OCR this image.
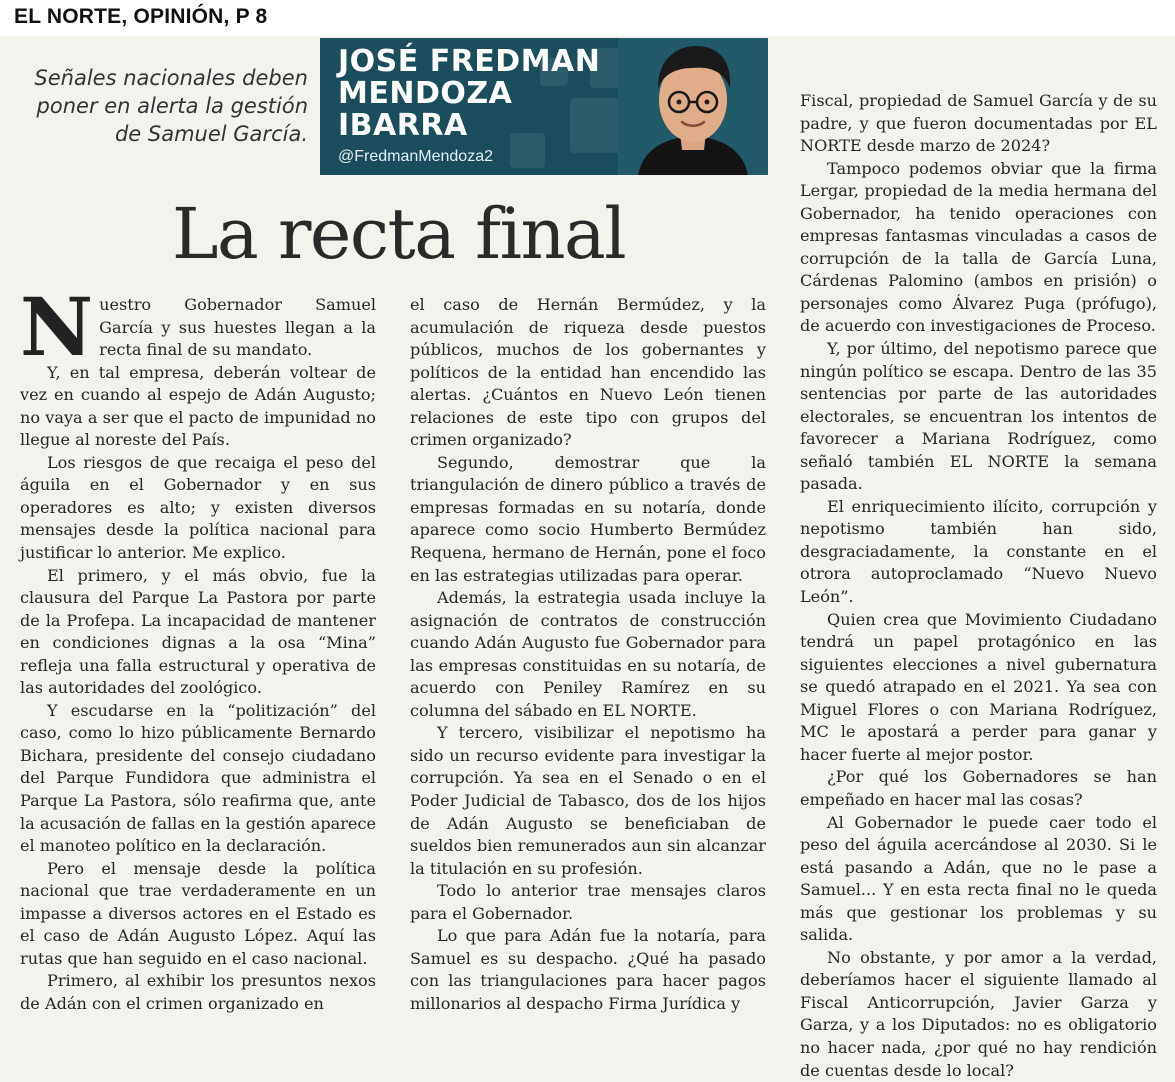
EL NORTE, OPINIÓN, P 8
Señales nacionales deben poner en alerta la gestión de Samuel García.
JOSÉ FREDMAN
MENDOZA
IBARRA
@FredmanMendoza2
La recta final

Nuestro Gobernador Samuel García y sus huestes llegan a la recta final de su mandato.

Y, en tal empresa, deberán voltear de vez en cuando al espejo de Adán Augusto; no vaya a ser que el pacto de impunidad no llegue al noreste del País.

Los riesgos de que recaiga el peso del águila en el Gobernador y en sus operadores es alto; y existen diversos mensajes desde la política nacional para justificar lo anterior. Me explico.

El primero, y el más obvio, fue la clausura del Parque La Pastora por parte de la Profepa. La incapacidad de mantener en condiciones dignas a la osa “Mina” refleja una falla estructural y operativa de las autoridades del zoológico.

Y escudarse en la “politización” del caso, como lo hizo públicamente Bernardo Bichara, presidente del consejo ciudadano del Parque Fundidora que administra el Parque La Pastora, sólo reafirma que, ante la acusación de fallas en la gestión aparece el manoteo político en la declaración.

Pero el mensaje desde la política nacional que trae verdaderamente en un impasse a diversos actores en el Estado es el caso de Adán Augusto López. Aquí las rutas que han seguido en el caso nacional.

Primero, al exhibir los presuntos nexos de Adán con el crimen organizado en

el caso de Hernán Bermúdez, y la acumulación de riqueza desde puestos públicos, muchos de los gobernantes y políticos de la entidad han encendido las alertas. ¿Cuántos en Nuevo León tienen relaciones de este tipo con grupos del crimen organizado?

Segundo, demostrar que la triangulación de dinero público a través de empresas formadas en su notaría, donde aparece como socio Humberto Bermúdez Requena, hermano de Hernán, pone el foco en las estrategias utilizadas para operar.

Además, la estrategia usada incluye la asignación de contratos de construcción cuando Adán Augusto fue Gobernador para las empresas constituidas en su notaría, de acuerdo con Peniley Ramírez en su columna del sábado en EL NORTE.

Y tercero, visibilizar el nepotismo ha sido un recurso evidente para investigar la corrupción. Ya sea en el Senado o en el Poder Judicial de Tabasco, dos de los hijos de Adán Augusto se beneficiaban de sueldos bien remunerados aun sin alcanzar la titulación en su profesión.

Todo lo anterior trae mensajes claros para el Gobernador.

Lo que para Adán fue la notaría, para Samuel es su despacho. ¿Qué ha pasado con las triangulaciones para hacer pagos millonarios al despacho Firma Jurídica y

Fiscal, propiedad de Samuel García y de su padre, y que fueron documentadas por EL NORTE desde marzo de 2024?

Tampoco podemos obviar que la firma Lergar, propiedad de la media hermana del Gobernador, ha tenido operaciones con empresas fantasmas vinculadas a casos de corrupción de la talla de García Luna, Cárdenas Palomino (ambos en prisión) o personajes como Álvarez Puga (prófugo), de acuerdo con investigaciones de Proceso.

Y, por último, del nepotismo parece que ningún político se escapa. Dentro de las 35 sentencias por parte de las autoridades electorales, se encuentran los intentos de favorecer a Mariana Rodríguez, como señaló también EL NORTE la semana pasada.

El enriquecimiento ilícito, corrupción y nepotismo también han sido, desgraciadamente, la constante en el otrora autoproclamado “Nuevo Nuevo León”.

Quien crea que Movimiento Ciudadano tendrá un papel protagónico en las siguientes elecciones a nivel gubernatura se quedó atrapado en el 2021. Ya sea con Miguel Flores o con Mariana Rodríguez, MC le apostará a perder para ganar y hacer fuerte al mejor postor.

¿Por qué los Gobernadores se han empeñado en hacer mal las cosas?

Al Gobernador le puede caer todo el peso del águila acercándose al 2030. Si le está pasando a Adán, que no le pase a Samuel... Y en esta recta final no le queda más que gestionar los problemas y su salida.

No obstante, y por amor a la verdad, deberíamos hacer el siguiente llamado al Fiscal Anticorrupción, Javier Garza y Garza, y a los Diputados: no es obligatorio no hacer nada, ¿por qué no hay rendición de cuentas desde lo local?
